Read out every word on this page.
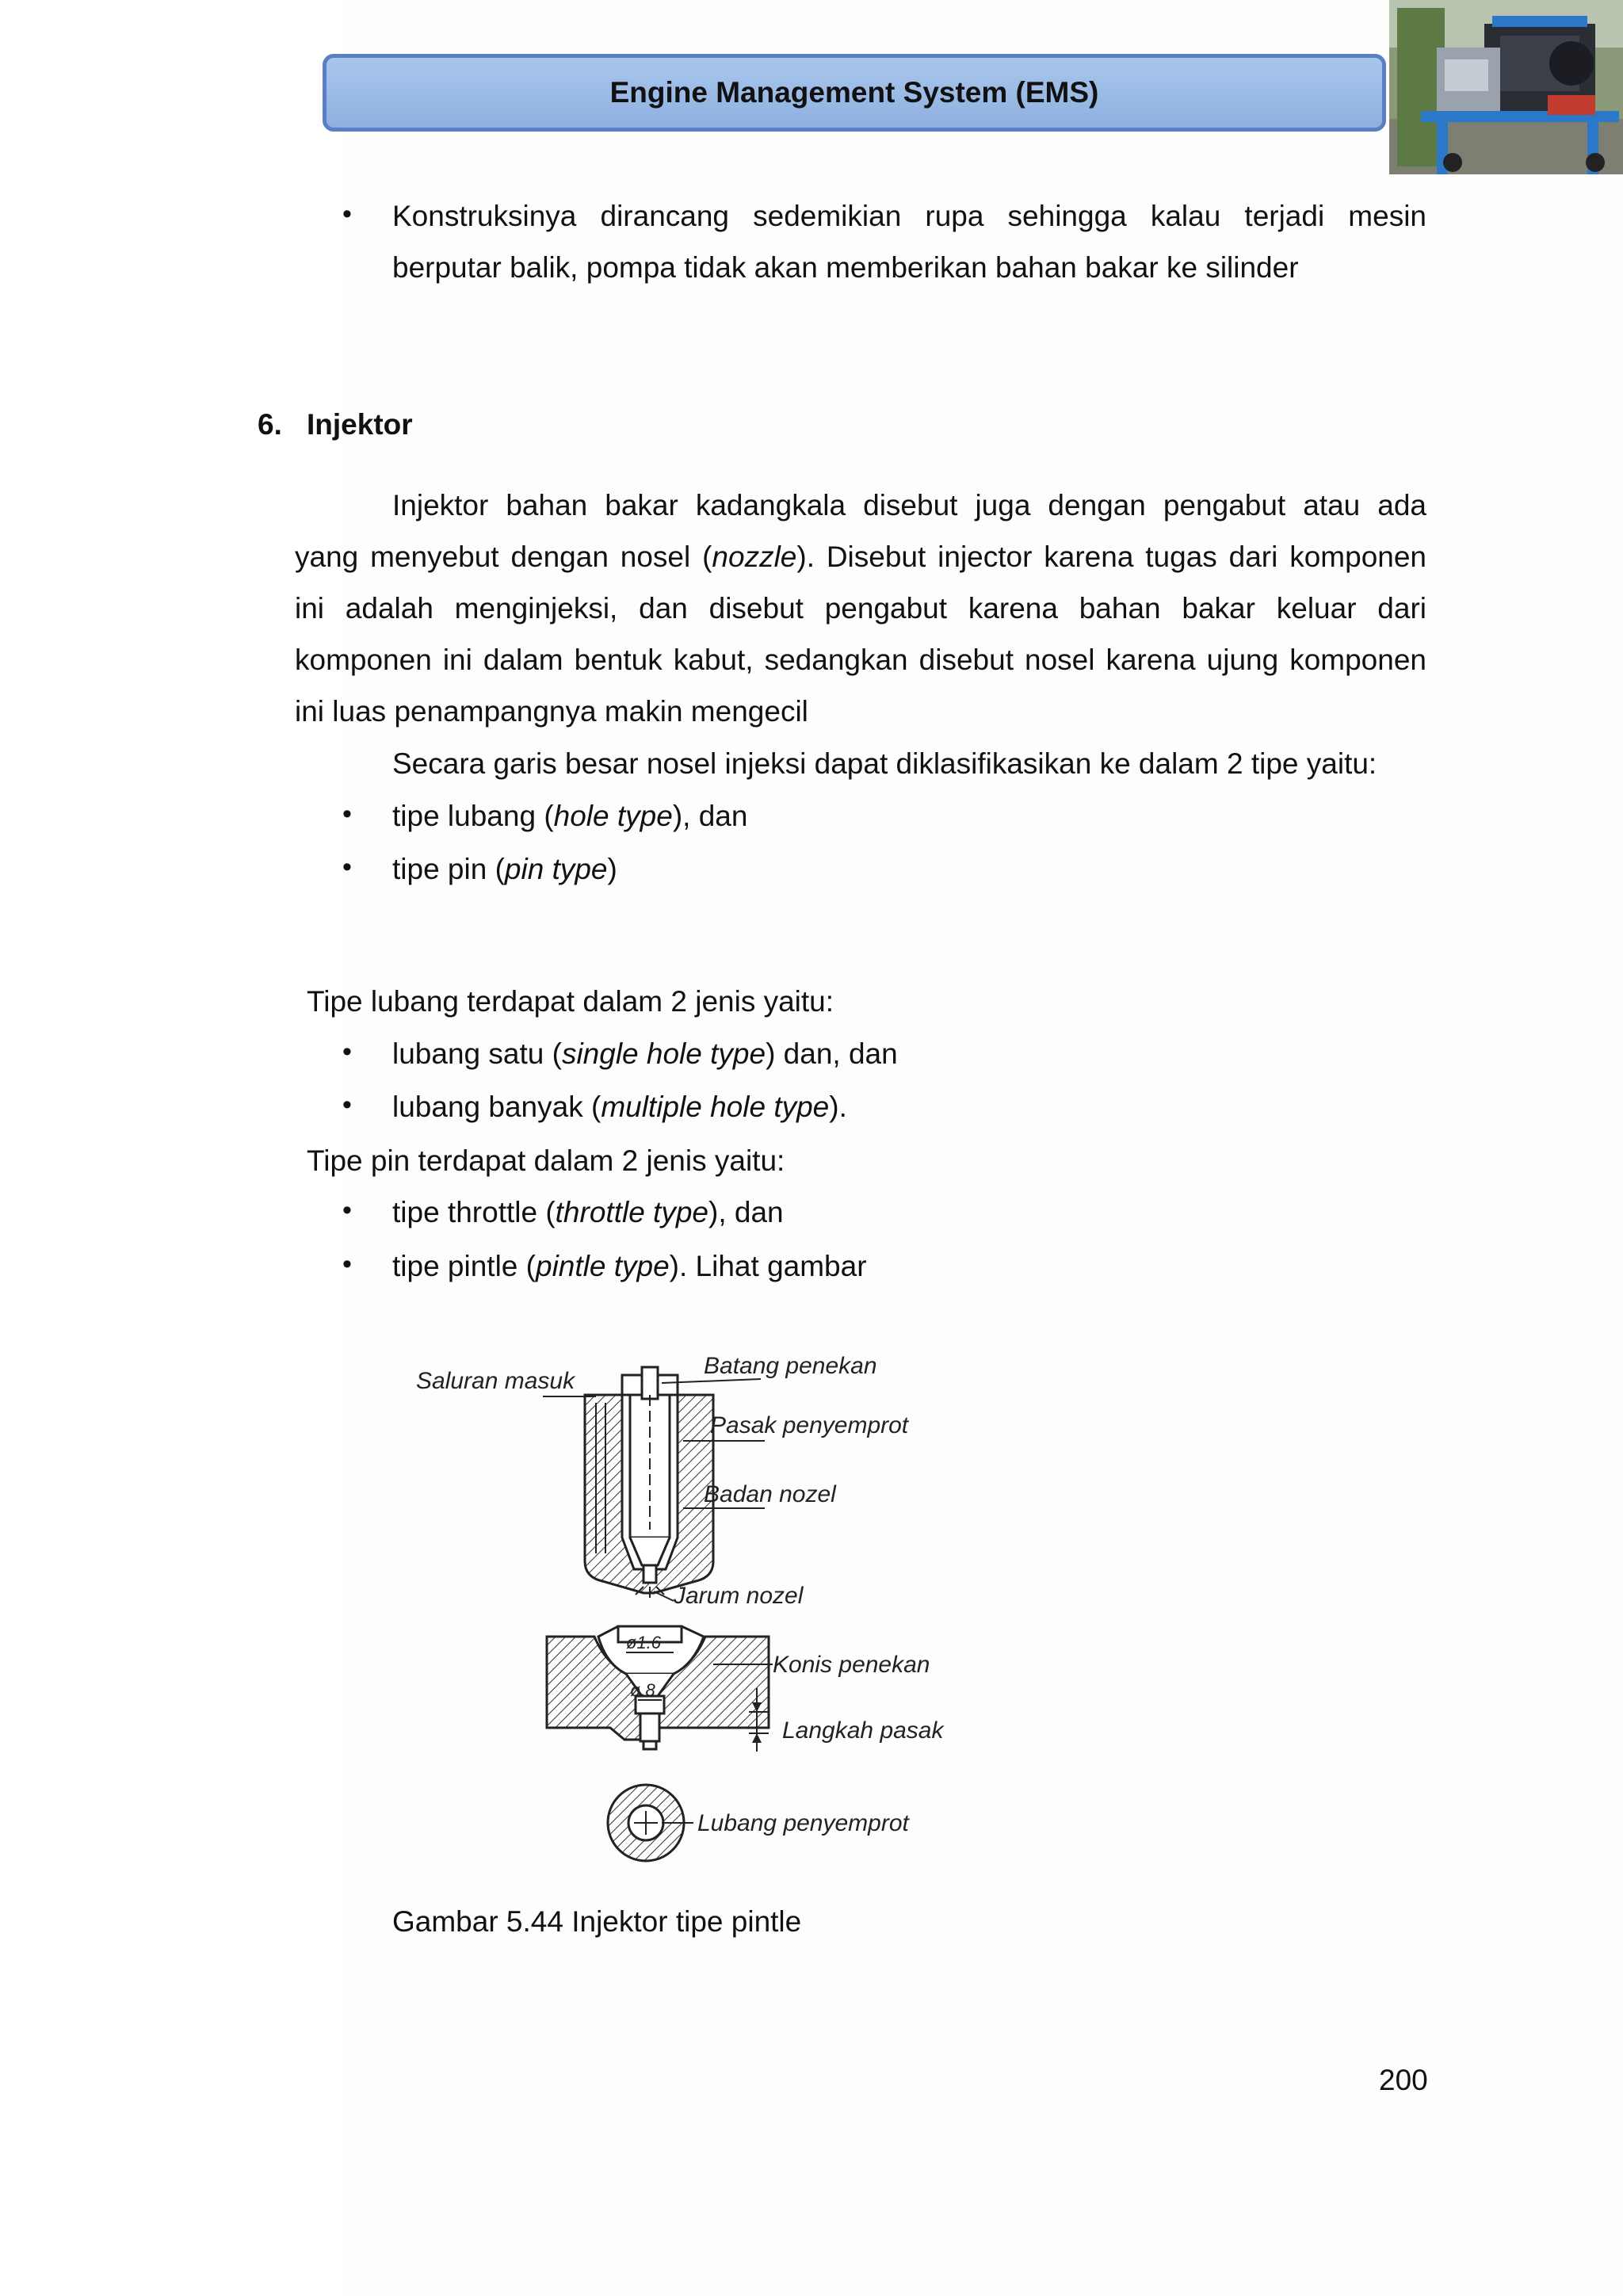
Engine Management System (EMS)
• Konstruksinya dirancang sedemikian rupa sehingga kalau terjadi mesin
berputar balik, pompa tidak akan memberikan bahan bakar ke silinder
6. Injektor
Injektor bahan bakar kadangkala disebut juga dengan pengabut atau ada
yang menyebut dengan nosel (nozzle). Disebut injector karena tugas dari komponen
ini adalah menginjeksi, dan disebut pengabut karena bahan bakar keluar dari
komponen ini dalam bentuk kabut, sedangkan disebut nosel karena ujung komponen
ini luas penampangnya makin mengecil
Secara garis besar nosel injeksi dapat diklasifikasikan ke dalam 2 tipe yaitu:
• tipe lubang (hole type), dan
• tipe pin (pin type)
Tipe lubang terdapat dalam 2 jenis yaitu:
• lubang satu (single hole type) dan, dan
• lubang banyak (multiple hole type).
Tipe pin terdapat dalam 2 jenis yaitu:
• tipe throttle (throttle type), dan
• tipe pintle (pintle type). Lihat gambar
Saluran masuk
Batang penekan
Pasak penyemprot
Badan nozel
Jarum nozel
ø1.6
ø.8
Konis penekan
Langkah pasak
Lubang penyemprot
Gambar 5.44 Injektor tipe pintle
200
